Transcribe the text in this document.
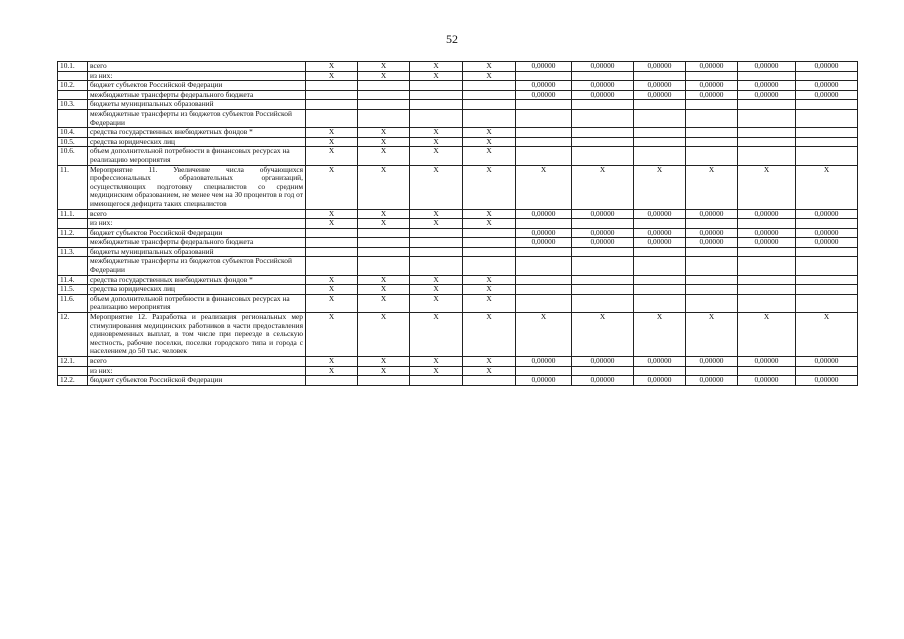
52
10.1.	всего	X	X	X	X	0,00000	0,00000	0,00000	0,00000	0,00000	0,00000
	из них:	X	X	X	X						
10.2.	бюджет субъектов Российской Федерации					0,00000	0,00000	0,00000	0,00000	0,00000	0,00000
	межбюджетные трансферты федерального бюджета					0,00000	0,00000	0,00000	0,00000	0,00000	0,00000
10.3.	бюджеты муниципальных образований										
	межбюджетные трансферты из бюджетов субъектов Российской Федерации										
10.4.	средства государственных внебюджетных фондов *	X	X	X	X						
10.5.	средства юридических лиц	X	X	X	X						
10.6.	объем дополнительной потребности в финансовых ресурсах на реализацию мероприятия	X	X	X	X						
11.	Мероприятие 11. Увеличение числа обучающихся профессиональных образовательных организаций, осуществляющих подготовку специалистов со средним медицинским образованием, не менее чем на 30 процентов в год от имеющегося дефицита таких специалистов	X	X	X	X	X	X	X	X	X	X
11.1.	всего	X	X	X	X	0,00000	0,00000	0,00000	0,00000	0,00000	0,00000
	из них:	X	X	X	X						
11.2.	бюджет субъектов Российской Федерации					0,00000	0,00000	0,00000	0,00000	0,00000	0,00000
	межбюджетные трансферты федерального бюджета					0,00000	0,00000	0,00000	0,00000	0,00000	0,00000
11.3.	бюджеты муниципальных образований										
	межбюджетные трансферты из бюджетов субъектов Российской Федерации										
11.4.	средства государственных внебюджетных фондов *	X	X	X	X						
11.5.	средства юридических лиц	X	X	X	X						
11.6.	объем дополнительной потребности в финансовых ресурсах на реализацию мероприятия	X	X	X	X						
12.	Мероприятие 12. Разработка и реализация региональных мер стимулирования медицинских работников в части предоставления единовременных выплат, в том числе при переезде в сельскую местность, рабочие поселки, поселки городского типа и города с населением до 50 тыс. человек	X	X	X	X	X	X	X	X	X	X
12.1.	всего	X	X	X	X	0,00000	0,00000	0,00000	0,00000	0,00000	0,00000
	из них:	X	X	X	X						
12.2.	бюджет субъектов Российской Федерации					0,00000	0,00000	0,00000	0,00000	0,00000	0,00000
